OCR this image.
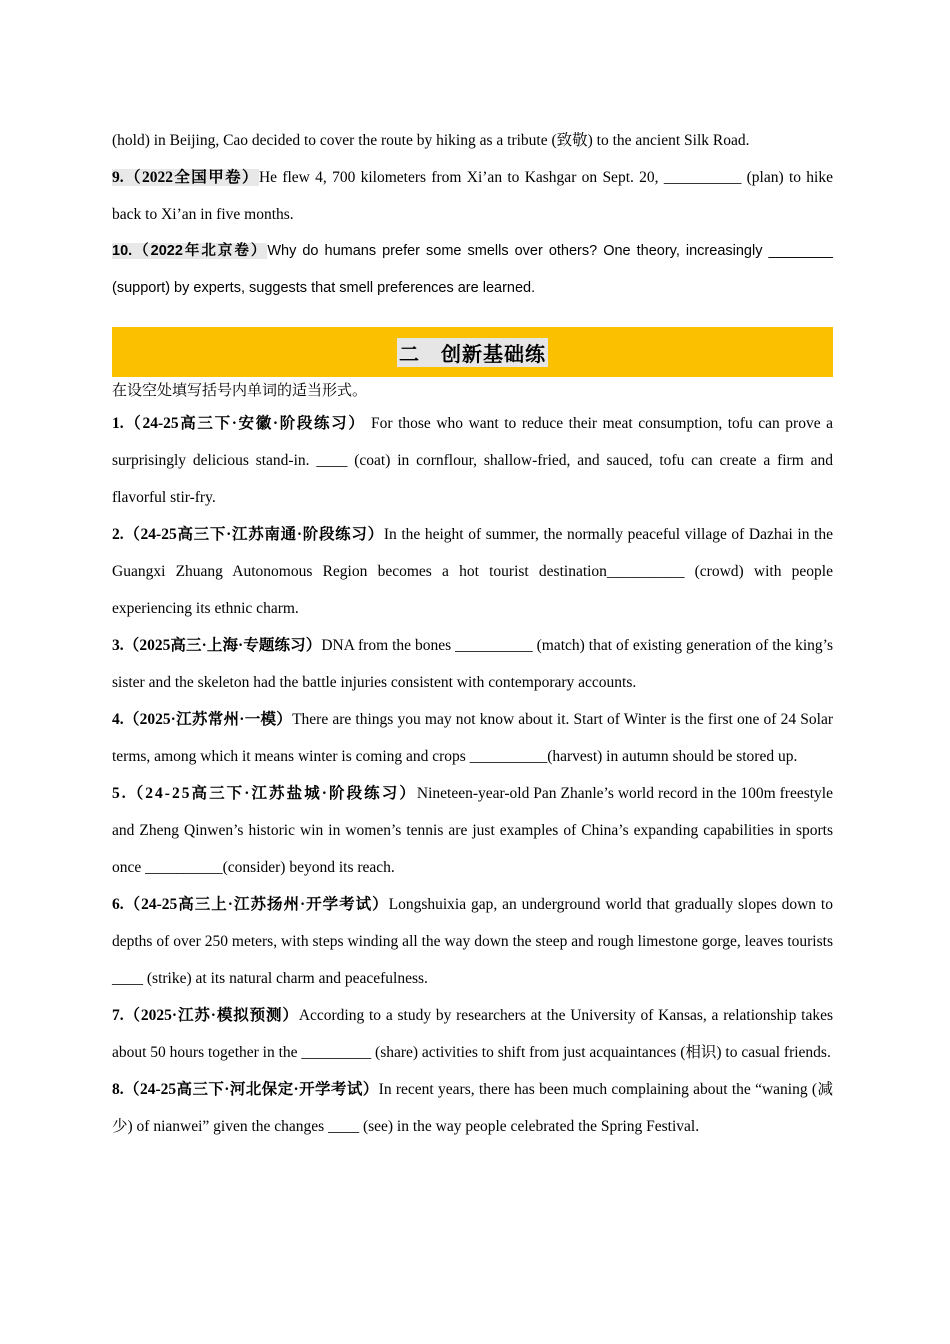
(hold) in Beijing, Cao decided to cover the route by hiking as a tribute (致敬) to the ancient Silk Road.

9.（2022全国甲卷）He flew 4, 700 kilometers from Xi’an to Kashgar on Sept. 20, __________ (plan) to hike back to Xi’an in five months.

10.（2022年北京卷）Why do humans prefer some smells over others? One theory, increasingly ________ (support) by experts, suggests that smell preferences are learned.

二　创新基础练

在设空处填写括号内单词的适当形式。

1.（24-25高三下·安徽·阶段练习） For those who want to reduce their meat consumption, tofu can prove a surprisingly delicious stand-in. ____ (coat) in cornflour, shallow-fried, and sauced, tofu can create a firm and flavorful stir-fry.

2.（24-25高三下·江苏南通·阶段练习）In the height of summer, the normally peaceful village of Dazhai in the Guangxi Zhuang Autonomous Region becomes a hot tourist destination__________ (crowd) with people experiencing its ethnic charm.

3.（2025高三·上海·专题练习）DNA from the bones __________ (match) that of existing generation of the king’s sister and the skeleton had the battle injuries consistent with contemporary accounts.

4.（2025·江苏常州·一模）There are things you may not know about it. Start of Winter is the first one of 24 Solar terms, among which it means winter is coming and crops __________(harvest) in autumn should be stored up.

5.（24-25高三下·江苏盐城·阶段练习）Nineteen-year-old Pan Zhanle’s world record in the 100m freestyle and Zheng Qinwen’s historic win in women’s tennis are just examples of China’s expanding capabilities in sports once __________(consider) beyond its reach.

6.（24-25高三上·江苏扬州·开学考试）Longshuixia gap, an underground world that gradually slopes down to depths of over 250 meters, with steps winding all the way down the steep and rough limestone gorge, leaves tourists ____ (strike) at its natural charm and peacefulness.

7.（2025·江苏·模拟预测）According to a study by researchers at the University of Kansas, a relationship takes about 50 hours together in the _________ (share) activities to shift from just acquaintances (相识) to casual friends.

8.（24-25高三下·河北保定·开学考试）In recent years, there has been much complaining about the “waning (减少) of nianwei” given the changes ____ (see) in the way people celebrated the Spring Festival.
